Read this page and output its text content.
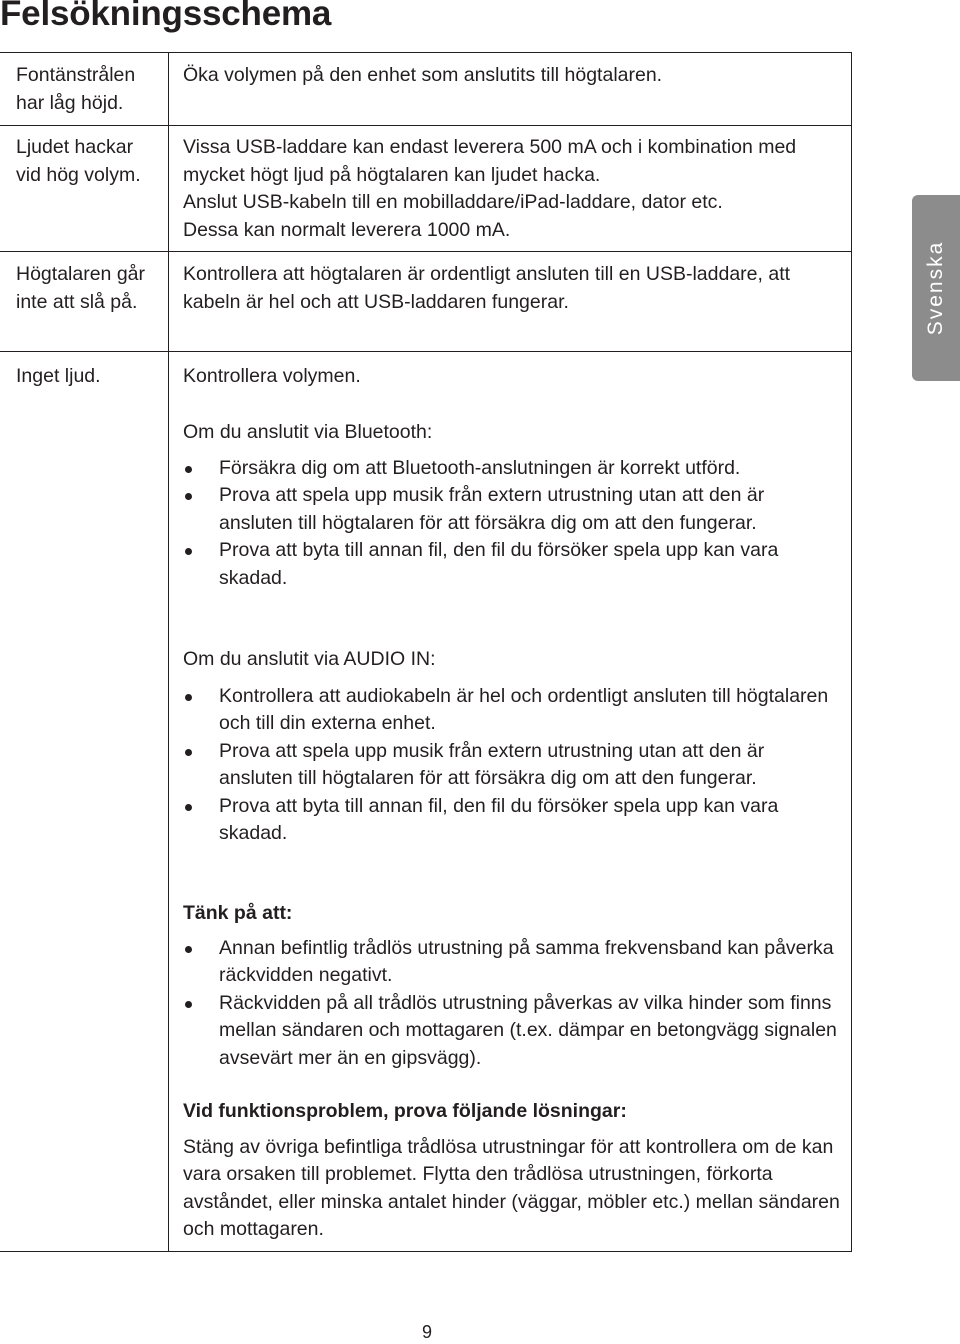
Felsökningsschema
Svenska
Fontänstrålen har låg höjd.

Öka volymen på den enhet som anslutits till högtalaren.

Ljudet hackar vid hög volym.

Vissa USB-laddare kan endast leverera 500 mA och i kombination med mycket högt ljud på högtalaren kan ljudet hacka.

Anslut USB-kabeln till en mobilladdare/iPad-laddare, dator etc.

Dessa kan normalt leverera 1000 mA.

Högtalaren går inte att slå på.

Kontrollera att högtalaren är ordentligt ansluten till en USB-laddare, att kabeln är hel och att USB-laddaren fungerar.

Inget ljud.	Kontrollera volymen.

Om du anslutit via Bluetooth:

Försäkra dig om att Bluetooth-anslutningen är korrekt utförd.
Prova att spela upp musik från extern utrustning utan att den är ansluten till högtalaren för att försäkra dig om att den fungerar.
Prova att byta till annan fil, den fil du försöker spela upp kan vara skadad.

Om du anslutit via AUDIO IN:

Kontrollera att audiokabeln är hel och ordentligt ansluten till högtalaren och till din externa enhet.
Prova att spela upp musik från extern utrustning utan att den är ansluten till högtalaren för att försäkra dig om att den fungerar.
Prova att byta till annan fil, den fil du försöker spela upp kan vara skadad.

Tänk på att:

Annan befintlig trådlös utrustning på samma frekvensband kan påverka räckvidden negativt.
Räckvidden på all trådlös utrustning påverkas av vilka hinder som finns mellan sändaren och mottagaren (t.ex. dämpar en betongvägg signalen avsevärt mer än en gipsvägg).

Vid funktionsproblem, prova följande lösningar:

Stäng av övriga befintliga trådlösa utrustningar för att kontrollera om de kan vara orsaken till problemet. Flytta den trådlösa utrustningen, förkorta avståndet, eller minska antalet hinder (väggar, möbler etc.) mellan sändaren och mottagaren.

9
